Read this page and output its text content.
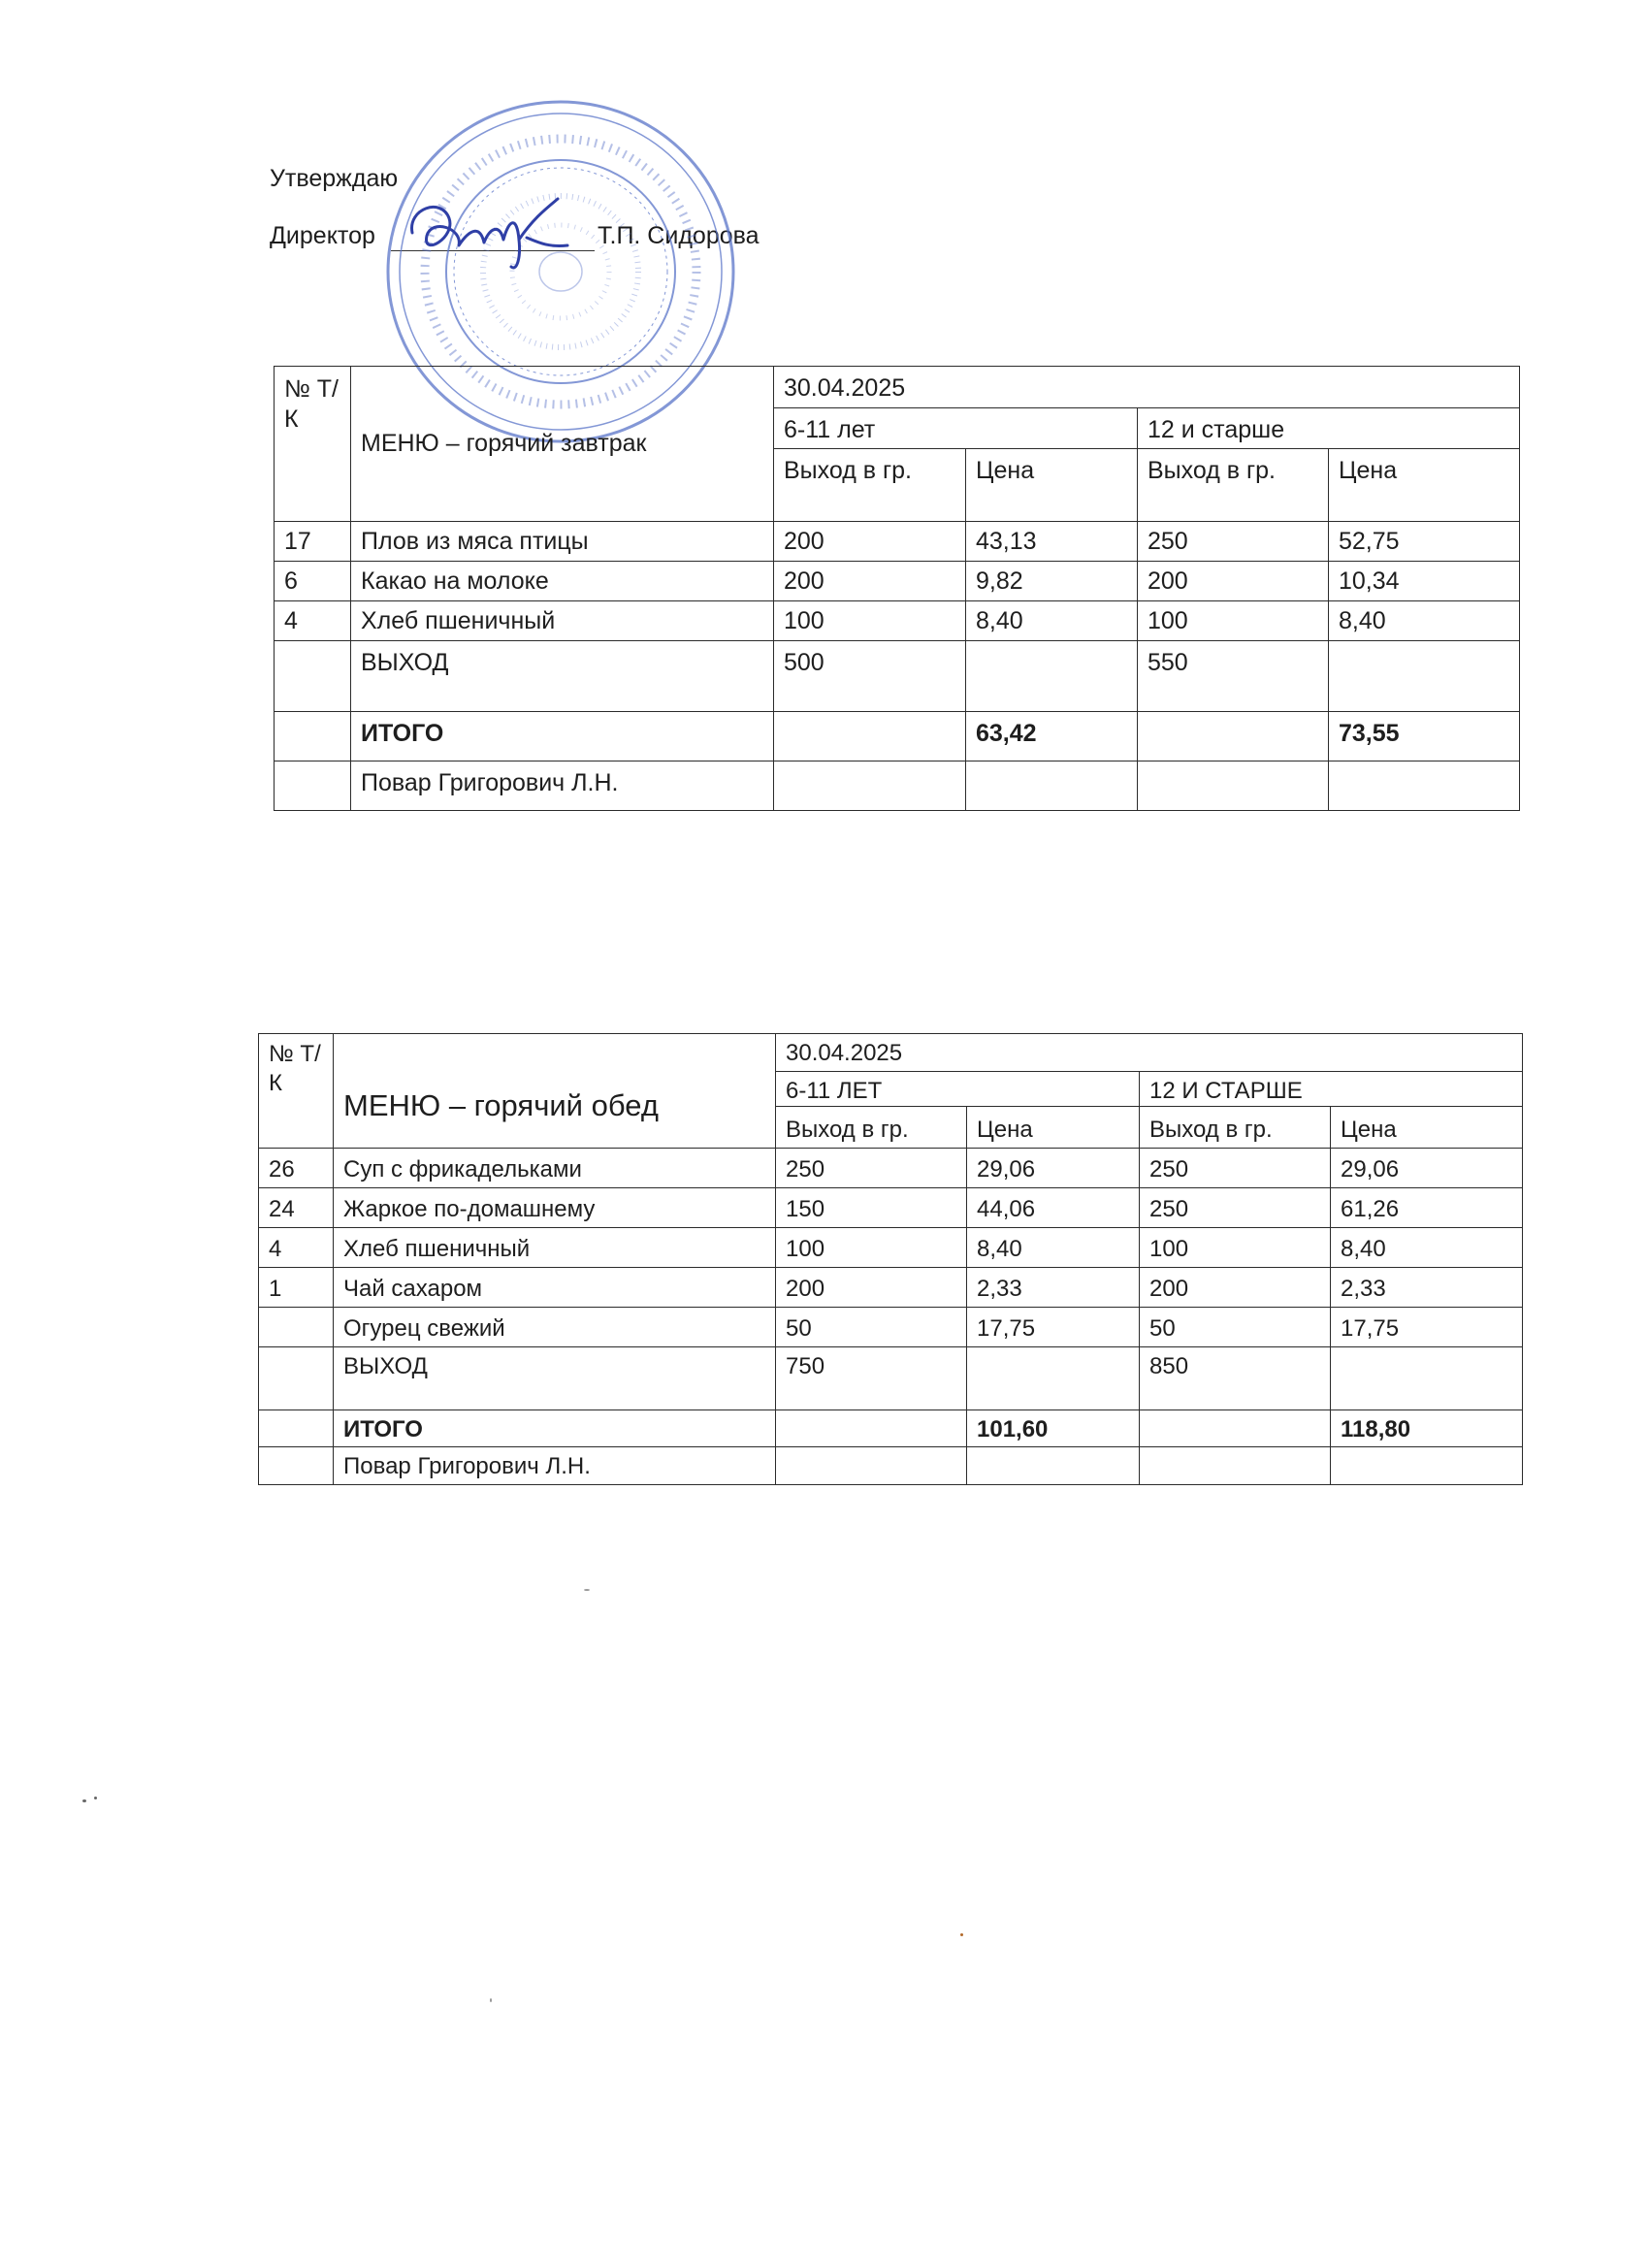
Утверждаю
Директор	Т.П. Сидорова
№ Т/К	МЕНЮ – горячий завтрак	30.04.2025			
		6-11 лет		12 и старше	
		Выход в гр.	Цена	Выход в гр.	Цена
17	Плов из мяса птицы	200	43,13	250	52,75
6	Какао на молоке	200	9,82	200	10,34
4	Хлеб пшеничный	100	8,40	100	8,40
	ВЫХОД	500		550	
	ИТОГО		63,42		73,55
	Повар Григорович Л.Н.				
№ Т/К	МЕНЮ – горячий обед	30.04.2025			
		6-11 ЛЕТ		12 И СТАРШЕ	
		Выход в гр.	Цена	Выход в гр.	Цена
26	Суп с фрикадельками	250	29,06	250	29,06
24	Жаркое по-домашнему	150	44,06	250	61,26
4	Хлеб пшеничный	100	8,40	100	8,40
1	Чай сахаром	200	2,33	200	2,33
	Огурец свежий	50	17,75	50	17,75
	ВЫХОД	750		850	
	ИТОГО		101,60		118,80
	Повар Григорович Л.Н.				
